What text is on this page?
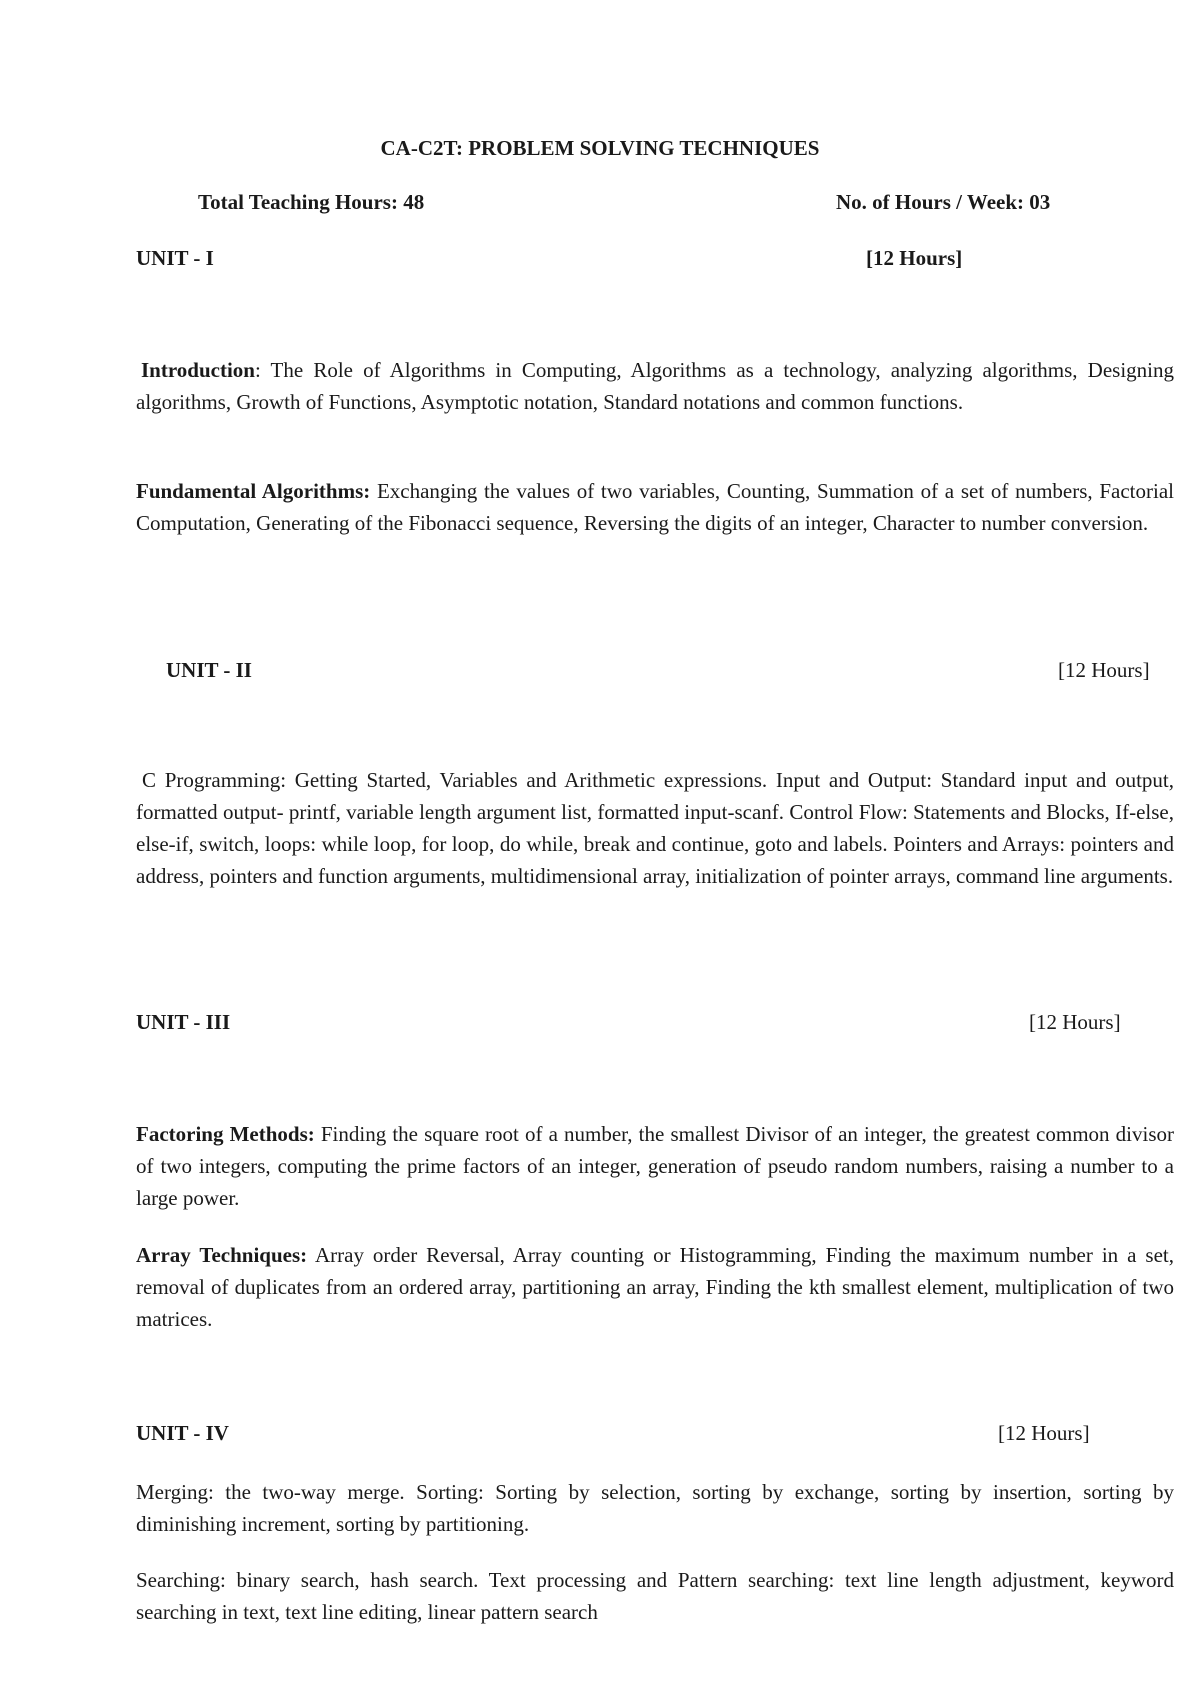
CA-C2T: PROBLEM SOLVING TECHNIQUES
Total Teaching Hours: 48	No. of Hours / Week: 03
UNIT - I	[12 Hours]
Introduction: The Role of Algorithms in Computing, Algorithms as a technology, analyzing algorithms, Designing algorithms, Growth of Functions, Asymptotic notation, Standard notations and common functions.
Fundamental Algorithms: Exchanging the values of two variables, Counting, Summation of a set of numbers, Factorial Computation, Generating of the Fibonacci sequence, Reversing the digits of an integer, Character to number conversion.
UNIT - II	[12 Hours]
C Programming: Getting Started, Variables and Arithmetic expressions. Input and Output: Standard input and output, formatted output- printf, variable length argument list, formatted input-scanf. Control Flow: Statements and Blocks, If-else, else-if, switch, loops: while loop, for loop, do while, break and continue, goto and labels. Pointers and Arrays: pointers and address, pointers and function arguments, multidimensional array, initialization of pointer arrays, command line arguments.
UNIT - III	[12 Hours]
Factoring Methods: Finding the square root of a number, the smallest Divisor of an integer, the greatest common divisor of two integers, computing the prime factors of an integer, generation of pseudo random numbers, raising a number to a large power.
Array Techniques: Array order Reversal, Array counting or Histogramming, Finding the maximum number in a set, removal of duplicates from an ordered array, partitioning an array, Finding the kth smallest element, multiplication of two matrices.
UNIT - IV	[12 Hours]
Merging: the two-way merge. Sorting: Sorting by selection, sorting by exchange, sorting by insertion, sorting by diminishing increment, sorting by partitioning.
Searching: binary search, hash search. Text processing and Pattern searching: text line length adjustment, keyword searching in text, text line editing, linear pattern search
